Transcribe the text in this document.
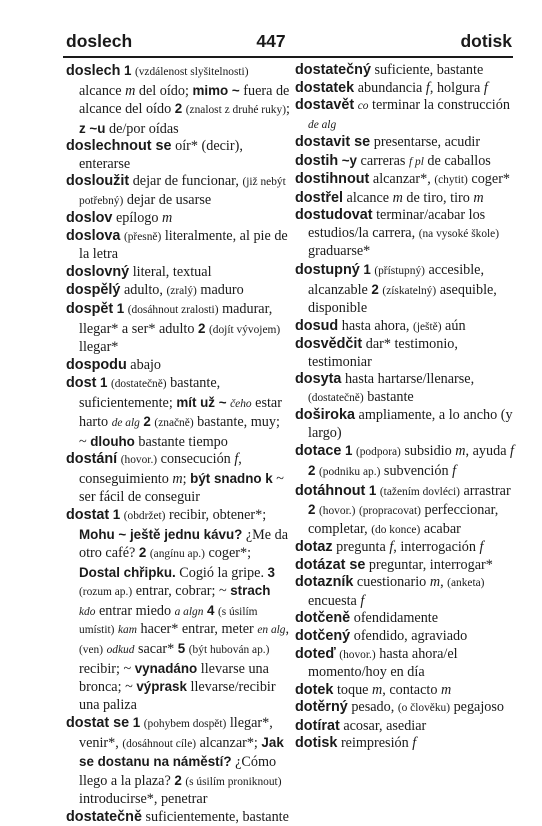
doslech	447	dotisk

doslech 1 (vzdálenost slyšitelnosti) alcance m del oído; mimo ~ fuera de alcance del oído 2 (znalost z druhé ruky); z ~u de/por oídas

doslechnout se oír* (decir), enterarse

dosloužit dejar de funcionar, (již nebýt potřebný) dejar de usarse

doslov epílogo m

doslova (přesně) literalmente, al pie de la letra

doslovný literal, textual

dospělý adulto, (zralý) maduro

dospět 1 (dosáhnout zralosti) madurar, llegar* a ser* adulto 2 (dojít vývojem) llegar*

dospodu abajo

dost 1 (dostatečně) bastante, suficientemente; mít už ~ čeho estar harto de alg 2 (značně) bastante, muy; ~ dlouho bastante tiempo

dostání (hovor.) consecución f, conseguimiento m; být snadno k ~ ser fácil de conseguir

dostat 1 (obdržet) recibir, obtener*; Mohu ~ ještě jednu kávu? ¿Me da otro café? 2 (angínu ap.) coger*; Dostal chřipku. Cogió la gripe. 3 (rozum ap.) entrar, cobrar; ~ strach kdo entrar miedo a algn 4 (s úsilím umístit) kam hacer* entrar, meter en alg, (ven) odkud sacar* 5 (být hubován ap.) recibir; ~ vynadáno llevarse una bronca; ~ výprask llevarse/recibir una paliza

dostat se 1 (pohybem dospět) llegar*, venir*, (dosáhnout cíle) alcanzar*; Jak se dostanu na náměstí? ¿Cómo llego a la plaza? 2 (s úsilím proniknout) introducirse*, penetrar

dostatečně suficientemente, bastante

dostatečný suficiente, bastante

dostatek abundancia f, holgura f

dostavět co terminar la construcción de alg

dostavit se presentarse, acudir

dostih ~y carreras f pl de caballos

dostihnout alcanzar*, (chytit) coger*

dostřel alcance m de tiro, tiro m

dostudovat terminar/acabar los estudios/la carrera, (na vysoké škole) graduarse*

dostupný 1 (přístupný) accesible, alcanzable 2 (získatelný) asequible, disponible

dosud hasta ahora, (ještě) aún

dosvědčit dar* testimonio, testimoniar

dosyta hasta hartarse/llenarse, (dostatečně) bastante

doširoka ampliamente, a lo ancho (y largo)

dotace 1 (podpora) subsidio m, ayuda f 2 (podniku ap.) subvención f

dotáhnout 1 (tažením dovléci) arrastrar 2 (hovor.) (propracovat) perfeccionar, completar, (do konce) acabar

dotaz pregunta f, interrogación f

dotázat se preguntar, interrogar*

dotazník cuestionario m, (anketa) encuesta f

dotčeně ofendidamente

dotčený ofendido, agraviado

doteď (hovor.) hasta ahora/el momento/hoy en día

dotek toque m, contacto m

dotěrný pesado, (o člověku) pegajoso

dotírat acosar, asediar

dotisk reimpresión f
